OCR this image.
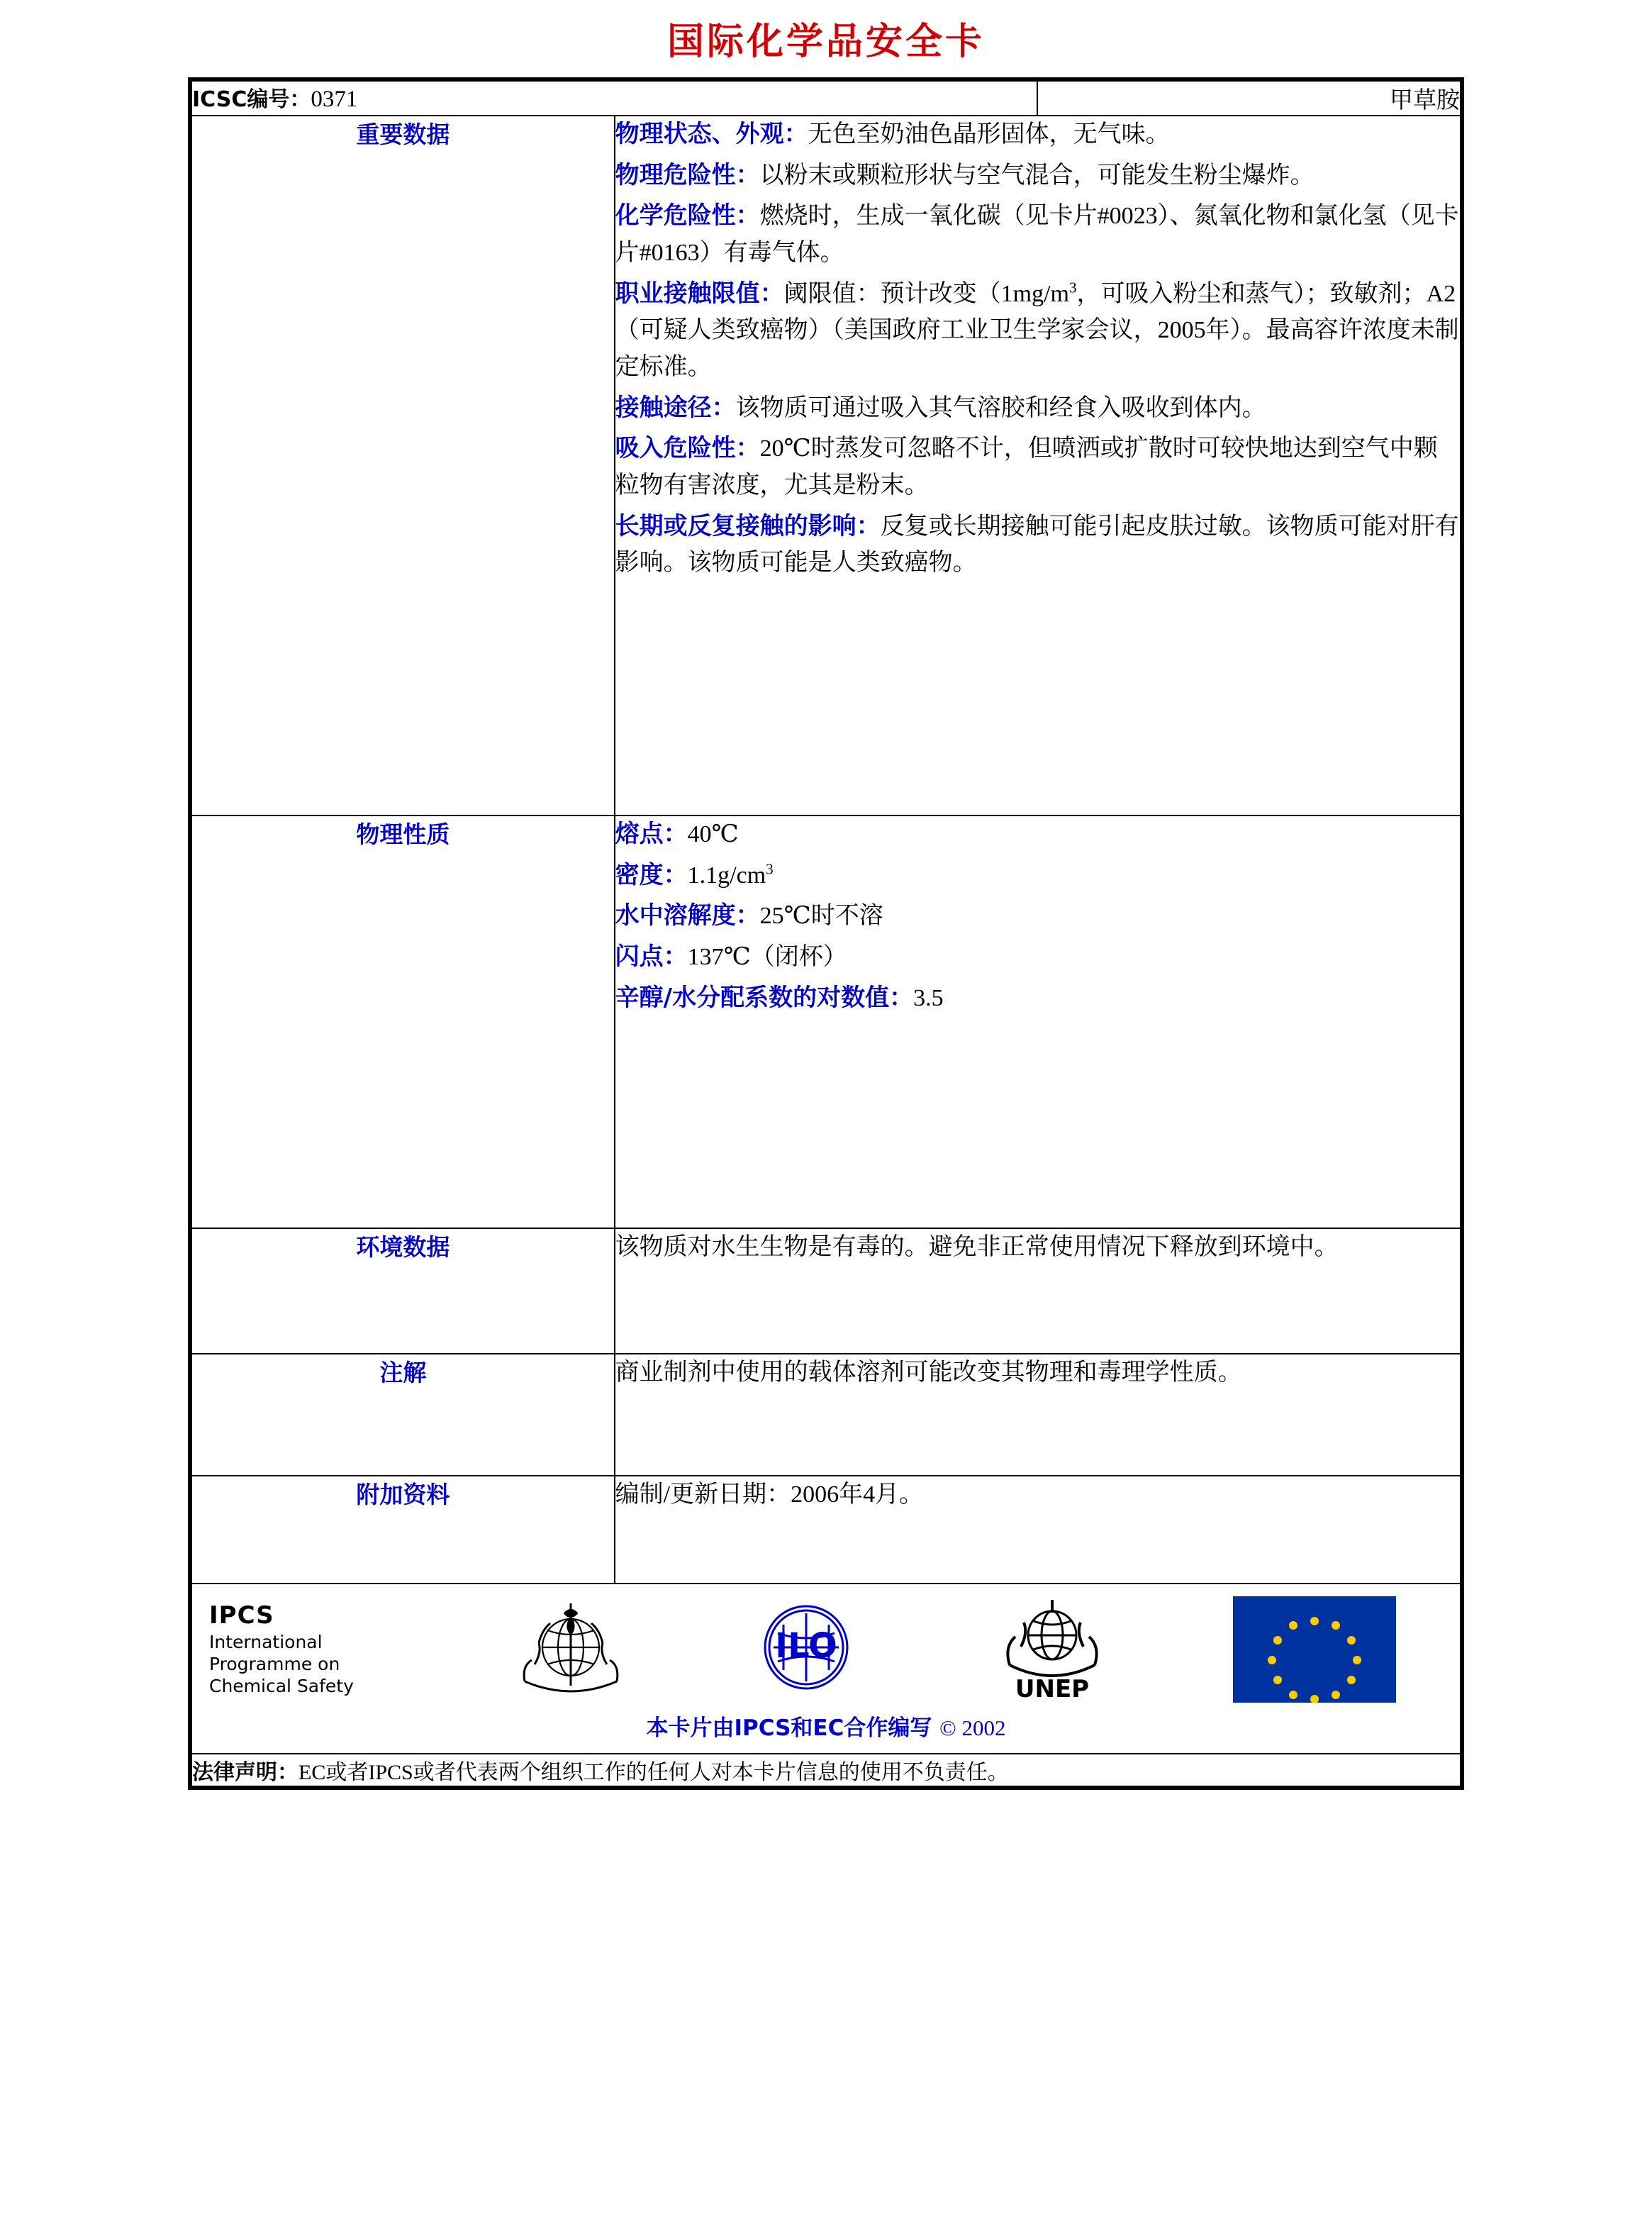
国际化学品安全卡
ICSC编号：0371		甲草胺
重要数据	物理状态、外观：无色至奶油色晶形固体，无气味。

物理危险性：以粉末或颗粒形状与空气混合，可能发生粉尘爆炸。

化学危险性：燃烧时，生成一氧化碳（见卡片#0023）、氮氧化物和氯化氢（见卡片#0163）有毒气体。

职业接触限值：阈限值：预计改变（$1mg/m^3$，可吸入粉尘和蒸气）；致敏剂；A2（可疑人类致癌物）（美国政府工业卫生学家会议，2005年）。最高容许浓度未制定标准。

接触途径：该物质可通过吸入其气溶胶和经食入吸收到体内。

吸入危险性：20℃时蒸发可忽略不计，但喷洒或扩散时可较快地达到空气中颗粒物有害浓度，尤其是粉末。

长期或反复接触的影响：反复或长期接触可能引起皮肤过敏。该物质可能对肝有影响。该物质可能是人类致癌物。

物理性质	熔点：40℃

密度：$1.1g/cm^3$

水中溶解度：25℃时不溶

闪点：137℃（闭杯）

辛醇/水分配系数的对数值：3.5	

环境数据	该物质对水生生物是有毒的。避免非正常使用情况下释放到环境中。	

注解	商业制剂中使用的载体溶剂可能改变其物理和毒理学性质。	

附加资料	编制/更新日期：2006年4月。	

IPCS
International
Programme on
Chemical Safety
ILO
UNEP
本卡片由IPCS和EC合作编写 © 2002

法律声明：EC或者IPCS或者代表两个组织工作的任何人对本卡片信息的使用不负责任。		
